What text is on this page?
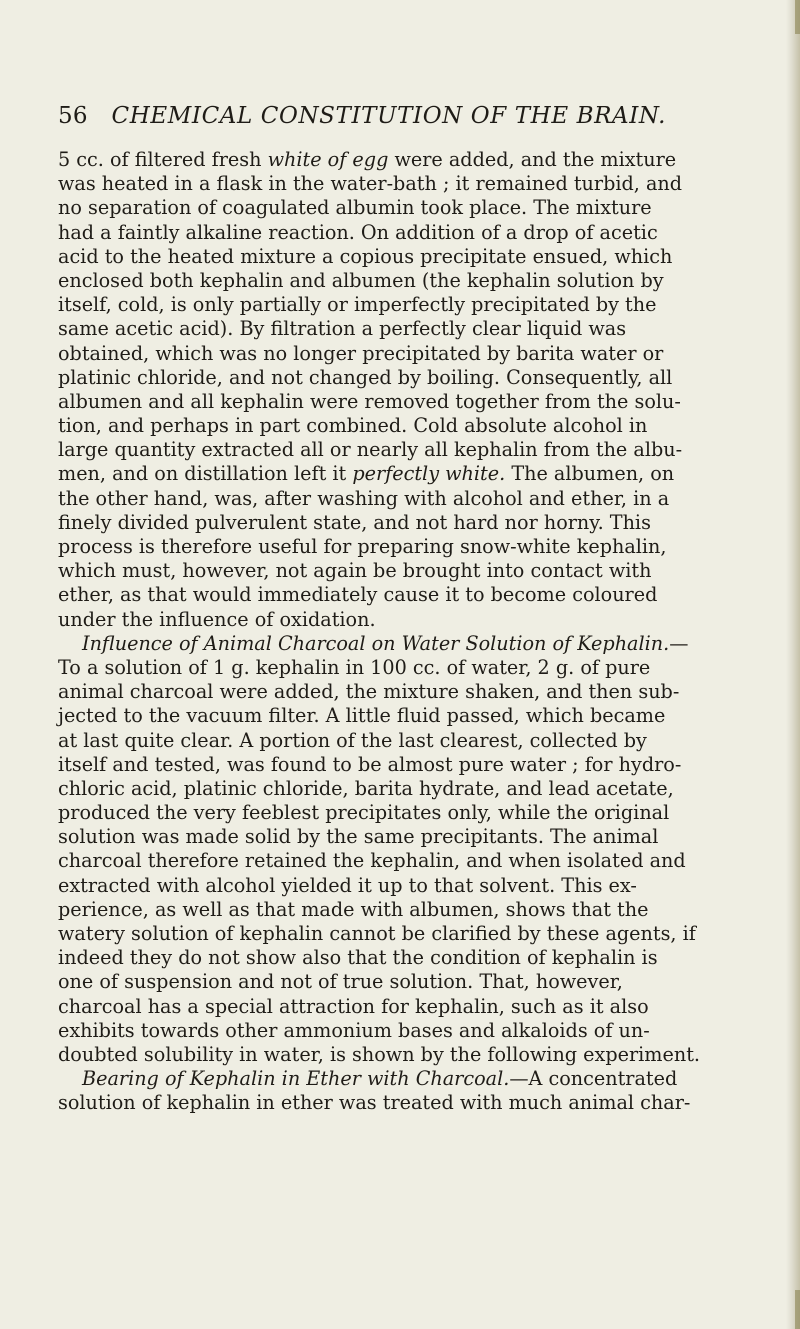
56 CHEMICAL CONSTITUTION OF THE BRAIN.
5 cc. of filtered fresh white of egg were added, and the mixture
was heated in a flask in the water-bath ; it remained turbid, and
no separation of coagulated albumin took place. The mixture
had a faintly alkaline reaction. On addition of a drop of acetic
acid to the heated mixture a copious precipitate ensued, which
enclosed both kephalin and albumen (the kephalin solution by
itself, cold, is only partially or imperfectly precipitated by the
same acetic acid). By filtration a perfectly clear liquid was
obtained, which was no longer precipitated by barita water or
platinic chloride, and not changed by boiling. Consequently, all
albumen and all kephalin were removed together from the solu-
tion, and perhaps in part combined. Cold absolute alcohol in
large quantity extracted all or nearly all kephalin from the albu-
men, and on distillation left it perfectly white. The albumen, on
the other hand, was, after washing with alcohol and ether, in a
finely divided pulverulent state, and not hard nor horny. This
process is therefore useful for preparing snow-white kephalin,
which must, however, not again be brought into contact with
ether, as that would immediately cause it to become coloured
under the influence of oxidation.
Influence of Animal Charcoal on Water Solution of Kephalin.—
To a solution of 1 g. kephalin in 100 cc. of water, 2 g. of pure
animal charcoal were added, the mixture shaken, and then sub-
jected to the vacuum filter. A little fluid passed, which became
at last quite clear. A portion of the last clearest, collected by
itself and tested, was found to be almost pure water ; for hydro-
chloric acid, platinic chloride, barita hydrate, and lead acetate,
produced the very feeblest precipitates only, while the original
solution was made solid by the same precipitants. The animal
charcoal therefore retained the kephalin, and when isolated and
extracted with alcohol yielded it up to that solvent. This ex-
perience, as well as that made with albumen, shows that the
watery solution of kephalin cannot be clarified by these agents, if
indeed they do not show also that the condition of kephalin is
one of suspension and not of true solution. That, however,
charcoal has a special attraction for kephalin, such as it also
exhibits towards other ammonium bases and alkaloids of un-
doubted solubility in water, is shown by the following experiment.
Bearing of Kephalin in Ether with Charcoal.—A concentrated
solution of kephalin in ether was treated with much animal char-
